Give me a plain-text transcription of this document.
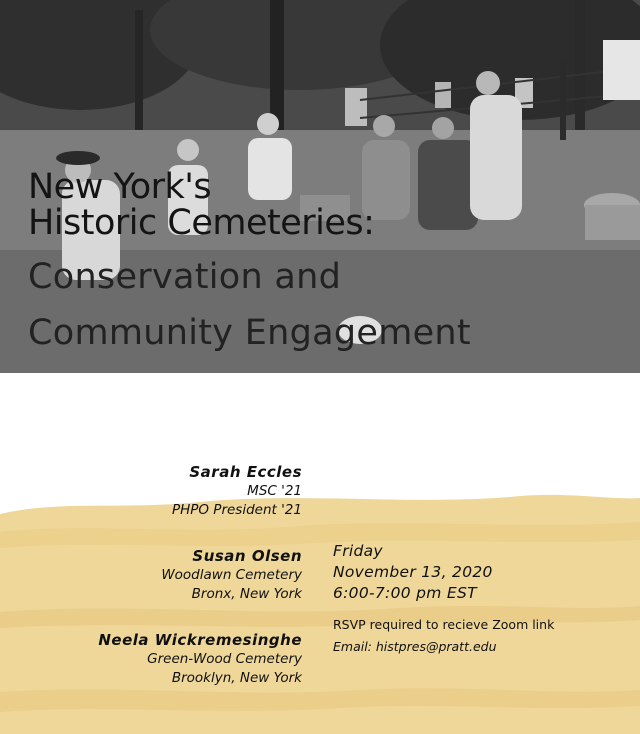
New York's
Historic Cemeteries:
Conservation and
Community Engagement
Sarah Eccles
MSC '21
PHPO President '21
Susan Olsen
Woodlawn Cemetery
Bronx, New York
Neela Wickremesinghe
Green-Wood Cemetery
Brooklyn, New York
Friday
November 13, 2020
6:00-7:00 pm EST
RSVP required to recieve Zoom link
Email: histpres@pratt.edu
